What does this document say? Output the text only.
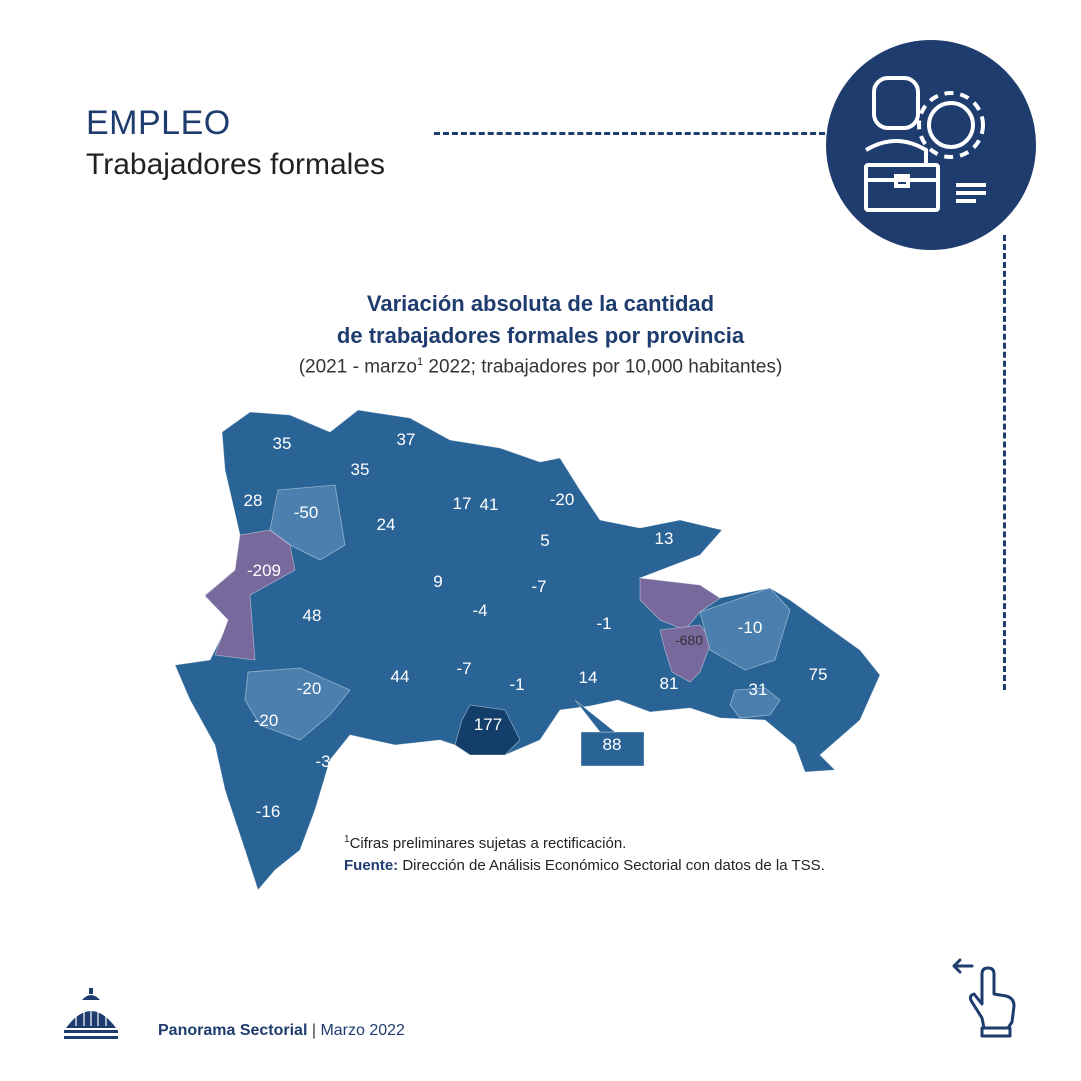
EMPLEO
Trabajadores formales
Variación absoluta de la cantidad
de trabajadores formales por provincia
(2021 - marzo$^1$ 2022; trabajadores por 10,000 habitantes)
35	37
35
28
-50
24
17 41	-20
5	13
-209
9	-7
-4
48	-1
-680
-10
75
44	-7
-1	14	81	31
-20
-20	177
88
-3
-16
$^1$Cifras preliminares sujetas a rectificación.
Fuente: Dirección de Análisis Económico Sectorial con datos de la TSS.
Panorama Sectorial | Marzo 2022
